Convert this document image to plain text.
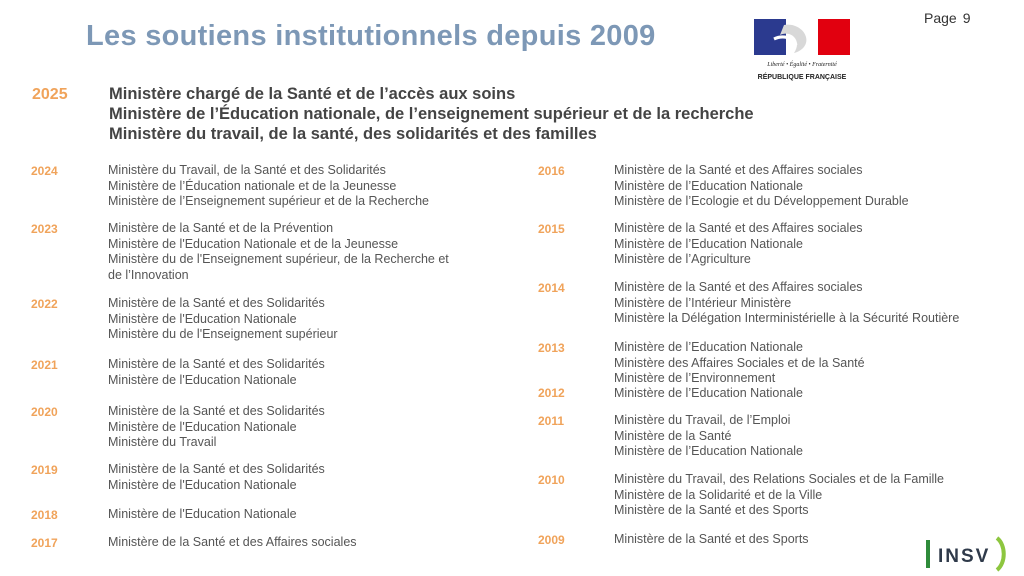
Les soutiens institutionnels depuis 2009
Page 9
Liberté • Égalité • Fraternité
RÉPUBLIQUE FRANÇAISE
2025	Ministère chargé de la Santé et de l’accès aux soins
Ministère de l’Éducation nationale, de l’enseignement supérieur et de la recherche
Ministère du travail, de la santé, des solidarités et des familles
2024	Ministère du Travail, de la Santé et des Solidarités
Ministère de l’Éducation nationale et de la Jeunesse
Ministère de l’Enseignement supérieur et de la Recherche
2023	Ministère de la Santé et de la Prévention
Ministère de l'Education Nationale et de la Jeunesse
Ministère du de l'Enseignement supérieur, de la Recherche et
de l’Innovation
2022	Ministère de la Santé et des Solidarités
Ministère de l'Education Nationale
Ministère du de l'Enseignement supérieur
2021	Ministère de la Santé et des Solidarités
Ministère de l'Education Nationale
2020	Ministère de la Santé et des Solidarités
Ministère de l'Education Nationale
Ministère du Travail
2019	Ministère de la Santé et des Solidarités
Ministère de l'Education Nationale
2018	Ministère de l'Education Nationale
2017	Ministère de la Santé et des Affaires sociales
2016	Ministère de la Santé et des Affaires sociales
Ministère de l’Education Nationale
Ministère de l’Ecologie et du Développement Durable
2015	Ministère de la Santé et des Affaires sociales
Ministère de l’Education Nationale
Ministère de l’Agriculture
2014	Ministère de la Santé et des Affaires sociales
Ministère de l’Intérieur Ministère
Ministère la Délégation Interministérielle à la Sécurité Routière
2013	Ministère de l’Education Nationale
Ministère des Affaires Sociales et de la Santé
Ministère de l’Environnement
2012	Ministère de l’Education Nationale
2011	Ministère du Travail, de l’Emploi
Ministère de la Santé
Ministère de l’Education Nationale
2010	Ministère du Travail, des Relations Sociales et de la Famille
Ministère de la Solidarité et de la Ville
Ministère de la Santé et des Sports
2009	Ministère de la Santé et des Sports
INSV
